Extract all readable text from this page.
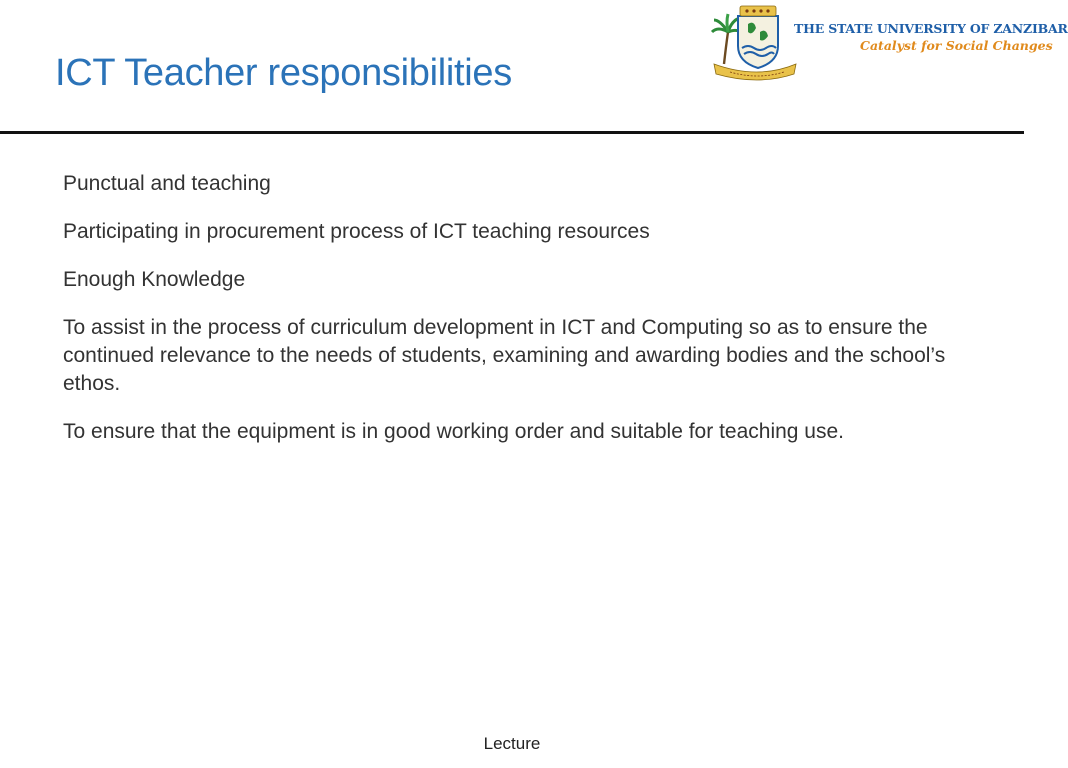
ICT Teacher responsibilities
THE STATE UNIVERSITY OF ZANZIBAR
Catalyst for Social Changes
Punctual and teaching
Participating in procurement process of ICT teaching resources
Enough Knowledge
To assist in the process of curriculum development in ICT and Computing so as to ensure the continued relevance to the needs of students, examining and awarding bodies and the school’s ethos.
To ensure that the equipment is in good working order and suitable for teaching use.
Lecture
